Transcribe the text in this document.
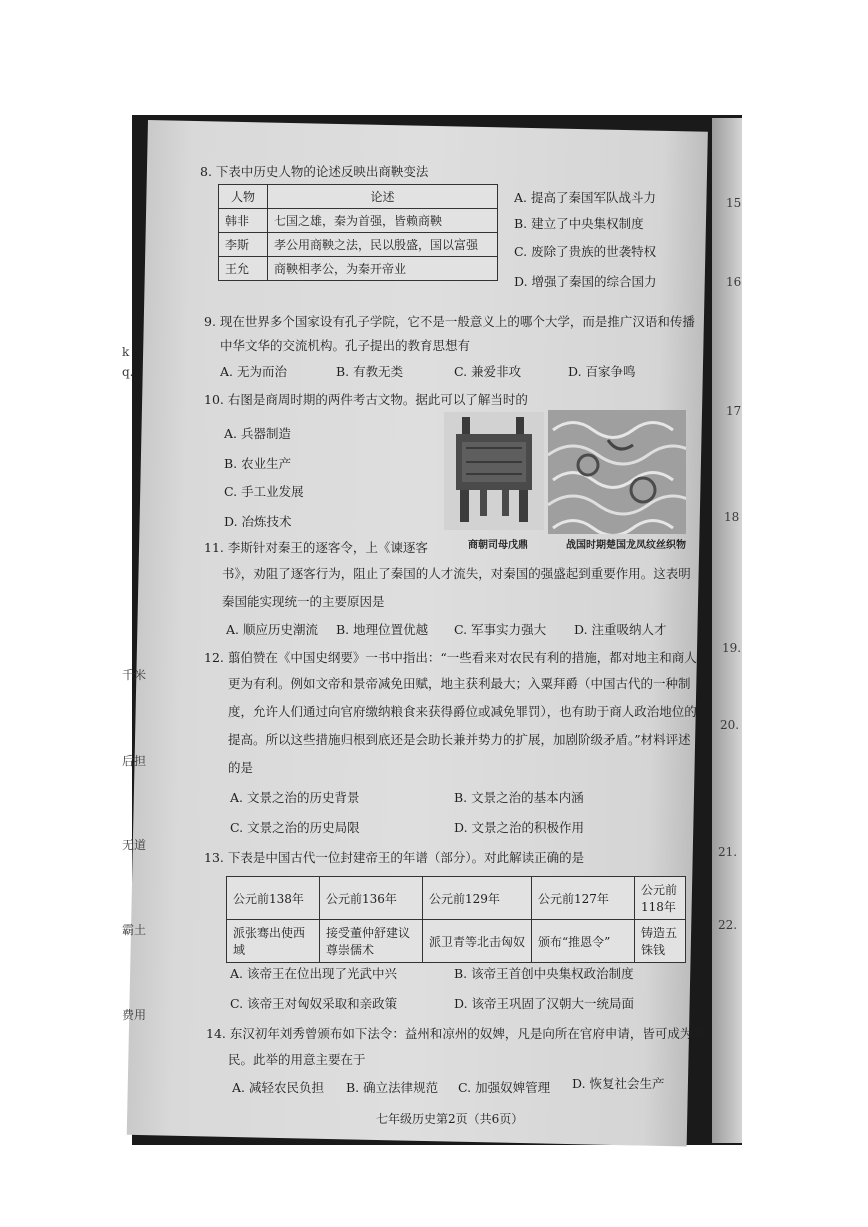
k
q.
千米
后担
无道
霸土
费用
15
16
17
18
19.
20.
21.
22.
8. 下表中历史人物的论述反映出商鞅变法
人物	论述
韩非	七国之雄，秦为首强，皆赖商鞅
李斯	孝公用商鞅之法，民以殷盛，国以富强
王允	商鞅相孝公，为秦开帝业
A. 提高了秦国军队战斗力
B. 建立了中央集权制度
C. 废除了贵族的世袭特权
D. 增强了秦国的综合国力
9. 现在世界多个国家设有孔子学院，它不是一般意义上的哪个大学，而是推广汉语和传播
中华文华的交流机构。孔子提出的教育思想有
A. 无为而治	B. 有教无类	C. 兼爱非攻	D. 百家争鸣
10. 右图是商周时期的两件考古文物。据此可以了解当时的
A. 兵器制造
B. 农业生产
C. 手工业发展
D. 冶炼技术
商朝司母戊鼎	战国时期楚国龙凤纹丝织物
11. 李斯针对秦王的逐客令，上《谏逐客
书》，劝阻了逐客行为，阻止了秦国的人才流失，对秦国的强盛起到重要作用。这表明
秦国能实现统一的主要原因是
A. 顺应历史潮流 B. 地理位置优越 C. 军事实力强大 D. 注重吸纳人才
12. 翦伯赞在《中国史纲要》一书中指出：“一些看来对农民有利的措施，都对地主和商人
更为有利。例如文帝和景帝减免田赋，地主获利最大；入粟拜爵（中国古代的一种制
度，允许人们通过向官府缴纳粮食来获得爵位或减免罪罚），也有助于商人政治地位的
提高。所以这些措施归根到底还是会助长兼并势力的扩展，加剧阶级矛盾。”材料评述
的是
A. 文景之治的历史背景	B. 文景之治的基本内涵
C. 文景之治的历史局限	D. 文景之治的积极作用
13. 下表是中国古代一位封建帝王的年谱（部分）。对此解读正确的是
公元前138年	公元前136年	公元前129年	公元前127年	公元前118年
派张骞出使西域	接受董仲舒建议尊崇儒术	派卫青等北击匈奴	颁布“推恩令”	铸造五铢钱
A. 该帝王在位出现了光武中兴	B. 该帝王首创中央集权政治制度
C. 该帝王对匈奴采取和亲政策	D. 该帝王巩固了汉朝大一统局面
14. 东汉初年刘秀曾颁布如下法令：益州和凉州的奴婢，凡是向所在官府申请，皆可成为平
民。此举的用意主要在于
A. 减轻农民负担 B. 确立法律规范 C. 加强奴婢管理 D. 恢复社会生产
七年级历史第2页（共6页）
